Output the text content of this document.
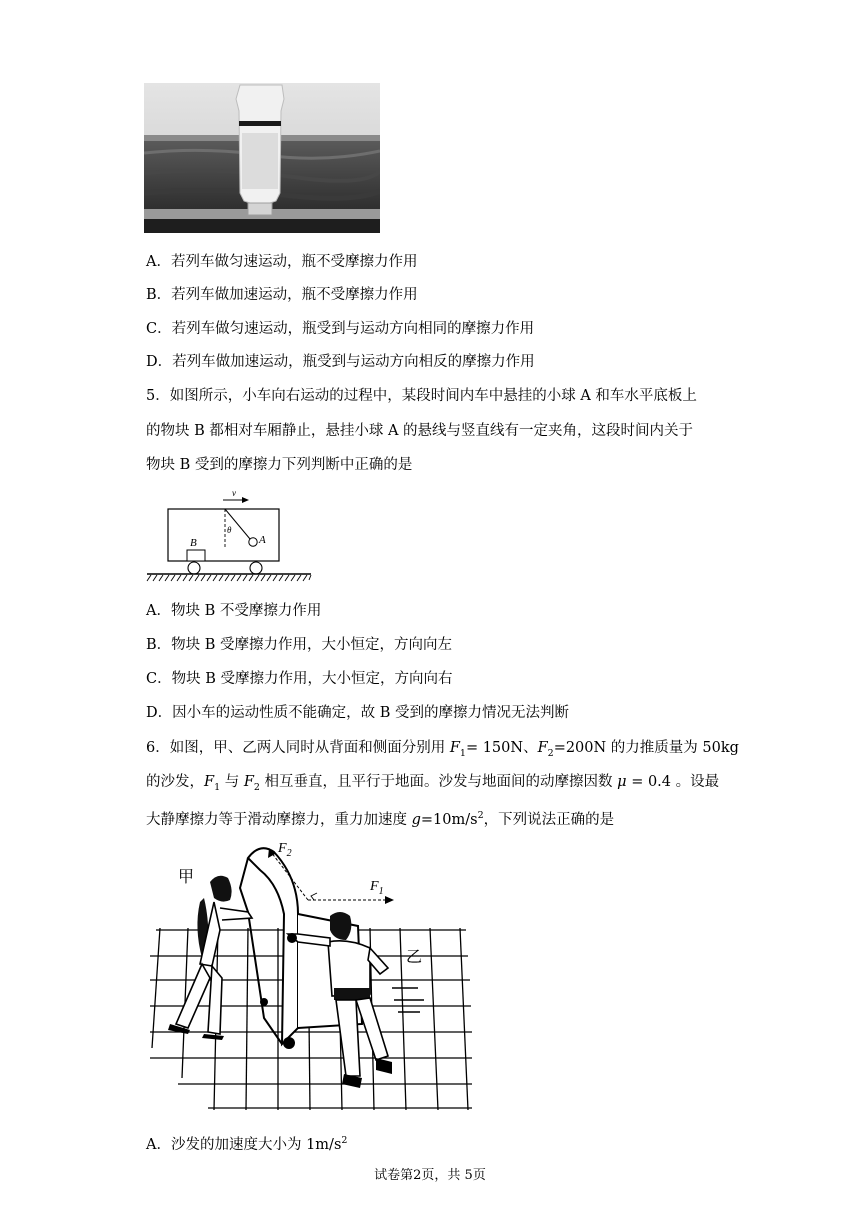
A．若列车做匀速运动，瓶不受摩擦力作用
B．若列车做加速运动，瓶不受摩擦力作用
C．若列车做匀速运动，瓶受到与运动方向相同的摩擦力作用
D．若列车做加速运动，瓶受到与运动方向相反的摩擦力作用
5．如图所示，小车向右运动的过程中，某段时间内车中悬挂的小球 A 和车水平底板上
的物块 B 都相对车厢静止，悬挂小球 A 的悬线与竖直线有一定夹角，这段时间内关于
物块 B 受到的摩擦力下列判断中正确的是
v
θ
A
B
A．物块 B 不受摩擦力作用
B．物块 B 受摩擦力作用，大小恒定，方向向左
C．物块 B 受摩擦力作用，大小恒定，方向向右
D．因小车的运动性质不能确定，故 B 受到的摩擦力情况无法判断
6．如图，甲、乙两人同时从背面和侧面分别用 $F_1= 150N$、$F_2=200N$ 的力推质量为 50kg
的沙发，$F_1$ 与 $F_2$ 相互垂直，且平行于地面。沙发与地面间的动摩擦因数 μ = 0.4 。设最
大静摩擦力等于滑动摩擦力，重力加速度 $g=10m/s^2$，下列说法正确的是
$F_2$
$F_1$
甲
乙
A．沙发的加速度大小为 $1m/s^2$
试卷第2页，共 5页
